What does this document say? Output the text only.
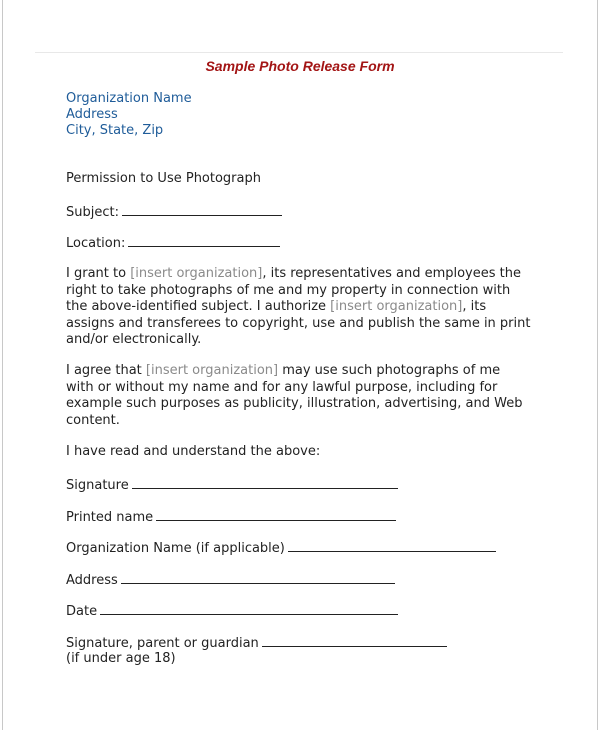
Sample Photo Release Form
Organization Name
Address
City, State, Zip
Permission to Use Photograph
Subject:
Location:
I grant to [insert organization], its representatives and employees the
right to take photographs of me and my property in connection with
the above-identified subject. I authorize [insert organization], its
assigns and transferees to copyright, use and publish the same in print
and/or electronically.
I agree that [insert organization] may use such photographs of me
with or without my name and for any lawful purpose, including for
example such purposes as publicity, illustration, advertising, and Web
content.
I have read and understand the above:
Signature
Printed name
Organization Name (if applicable)
Address
Date
Signature, parent or guardian
(if under age 18)
